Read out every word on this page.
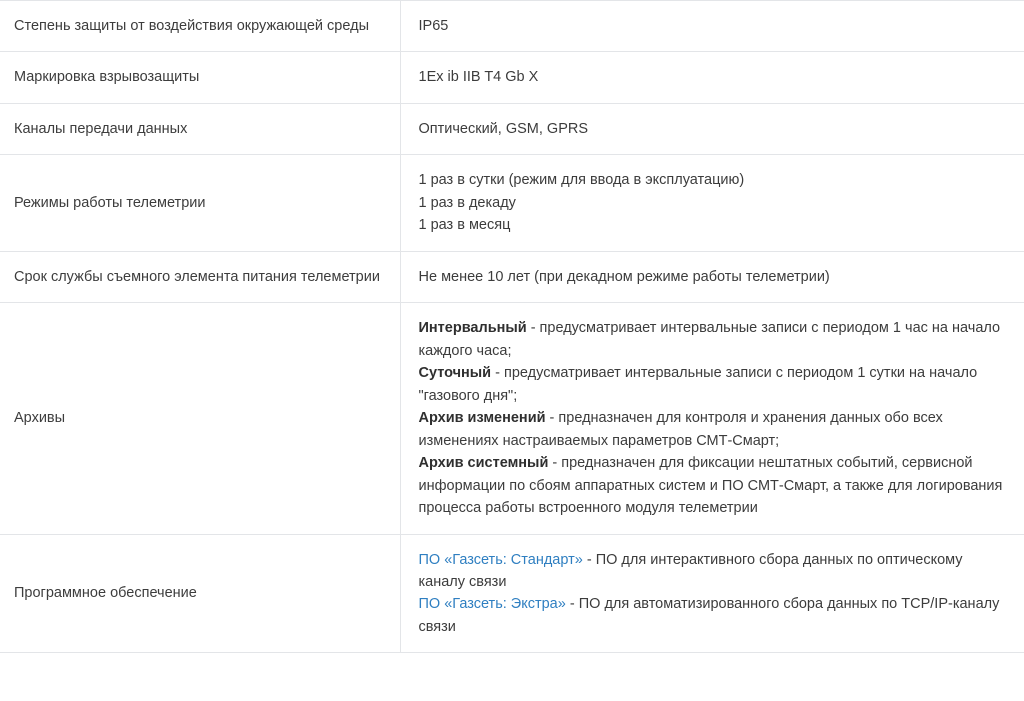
Степень защиты от воздействия окружающей среды	IP65

Маркировка взрывозащиты	1Ex ib IIB T4 Gb X

Каналы передачи данных	Оптический, GSM, GPRS

Режимы работы телеметрии	1 раз в сутки (режим для ввода в эксплуатацию)
1 раз в декаду
1 раз в месяц

Срок службы съемного элемента питания телеметрии	Не менее 10 лет (при декадном режиме работы телеметрии)

Архивы	Интервальный - предусматривает интервальные записи с периодом 1 час на начало каждого часа;
Суточный - предусматривает интервальные записи с периодом 1 сутки на начало "газового дня";
Архив изменений - предназначен для контроля и хранения данных обо всех изменениях настраиваемых параметров СМТ-Смарт;
Архив системный - предназначен для фиксации нештатных событий, сервисной информации по сбоям аппаратных систем и ПО СМТ-Смарт, а также для логирования процесса работы встроенного модуля телеметрии

Программное обеспечение	ПО «Газсеть: Стандарт» - ПО для интерактивного сбора данных по оптическому каналу связи
ПО «Газсеть: Экстра» - ПО для автоматизированного сбора данных по TCP/IP-каналу связи
